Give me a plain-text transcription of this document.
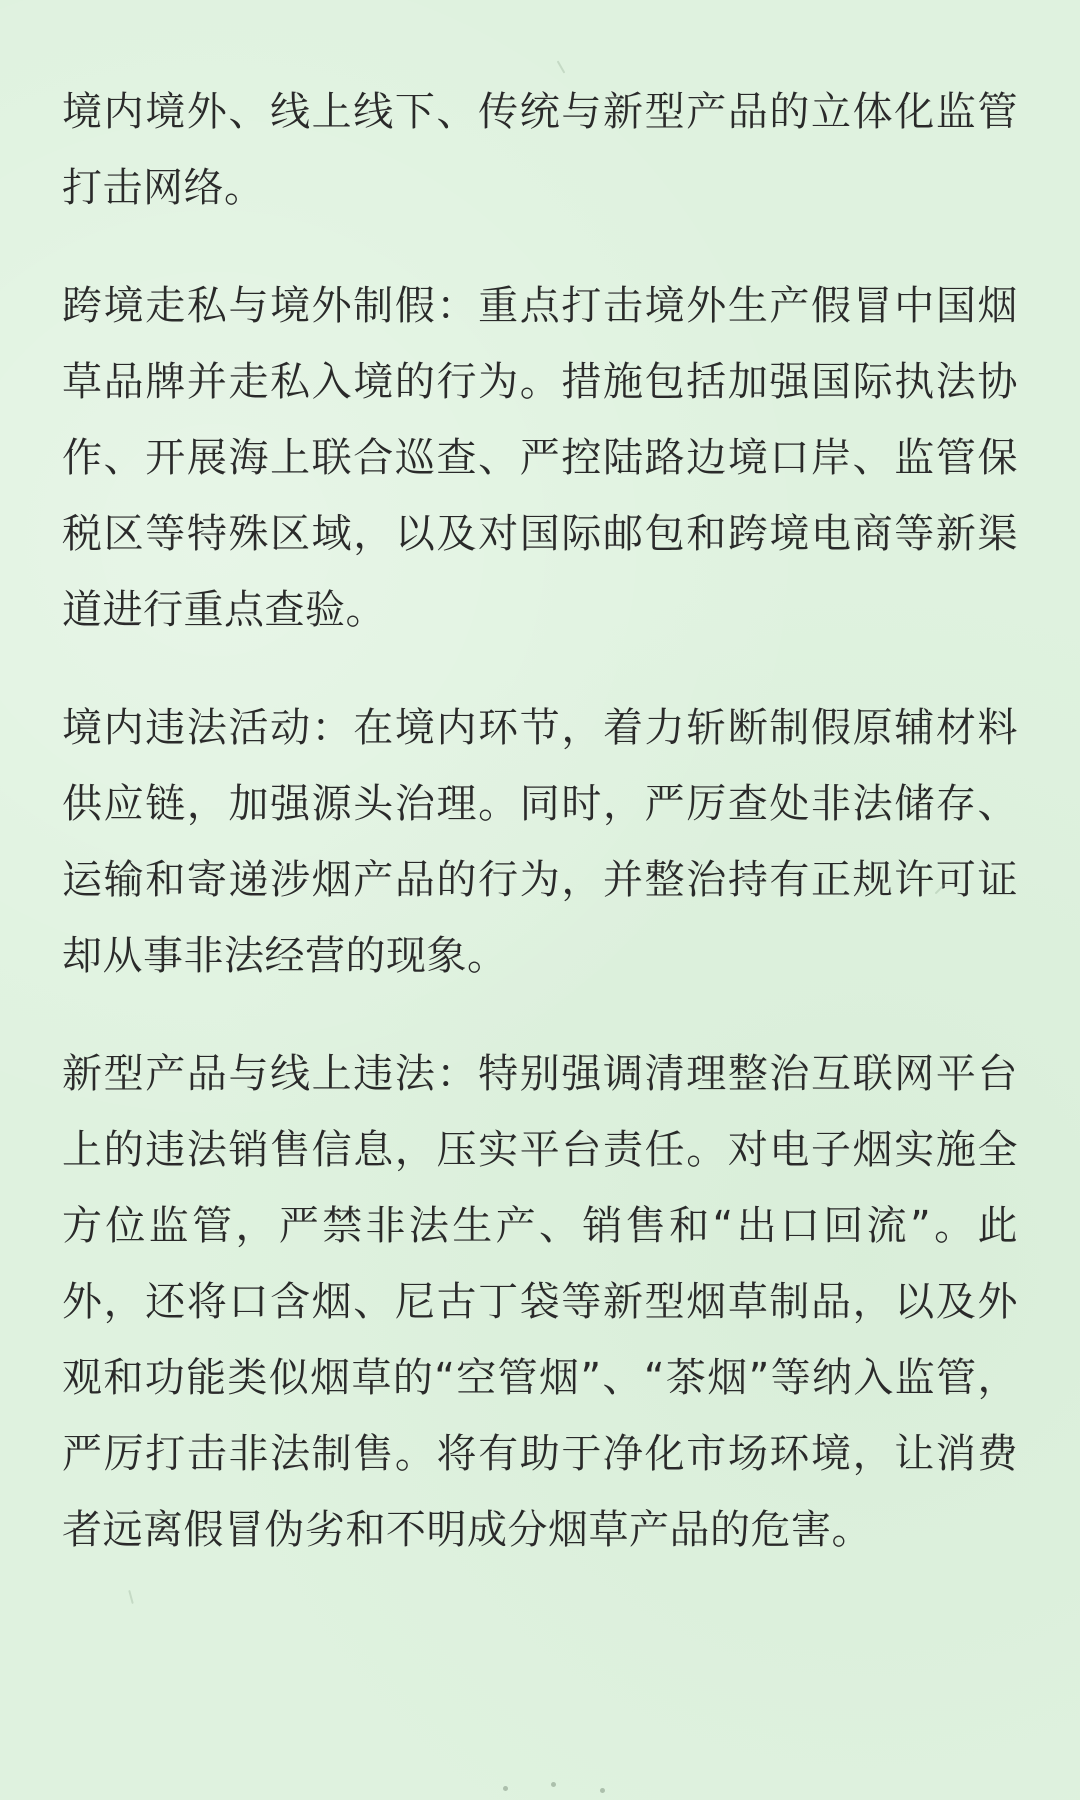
境内境外、线上线下、传统与新型产品的立体化监管打击网络。

跨境走私与境外制假：重点打击境外生产假冒中国烟草品牌并走私入境的行为。措施包括加强国际执法协作、开展海上联合巡查、严控陆路边境口岸、监管保税区等特殊区域，以及对国际邮包和跨境电商等新渠道进行重点查验。

境内违法活动：在境内环节，着力斩断制假原辅材料供应链，加强源头治理。同时，严厉查处非法储存、运输和寄递涉烟产品的行为，并整治持有正规许可证却从事非法经营的现象。

新型产品与线上违法：特别强调清理整治互联网平台上的违法销售信息，压实平台责任。对电子烟实施全方位监管，严禁非法生产、销售和“出口回流”。此外，还将口含烟、尼古丁袋等新型烟草制品，以及外观和功能类似烟草的“空管烟”、“茶烟”等纳入监管，严厉打击非法制售。将有助于净化市场环境，让消费者远离假冒伪劣和不明成分烟草产品的危害。
